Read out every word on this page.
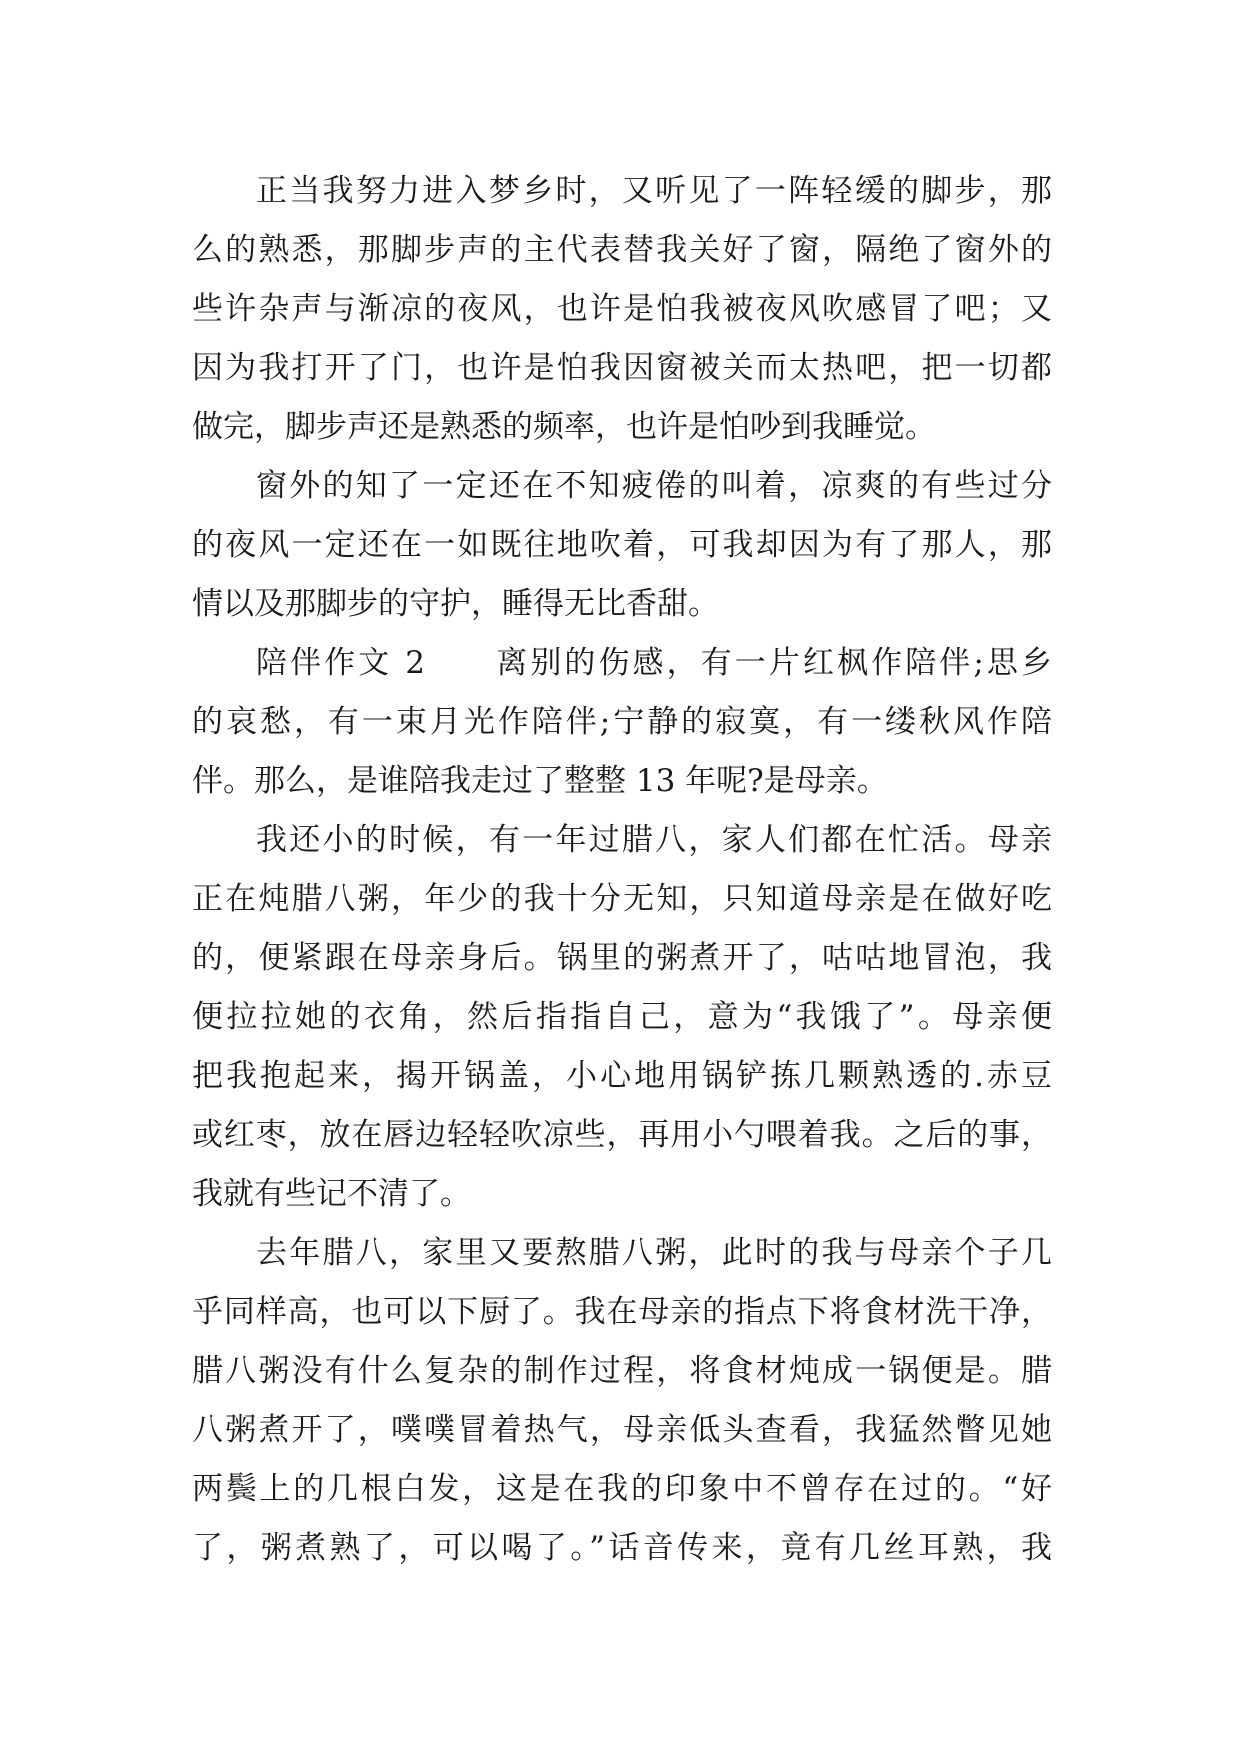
正当我努力进入梦乡时，又听见了一阵轻缓的脚步，那
么的熟悉，那脚步声的主代表替我关好了窗，隔绝了窗外的
些许杂声与渐凉的夜风，也许是怕我被夜风吹感冒了吧；又
因为我打开了门，也许是怕我因窗被关而太热吧，把一切都
做完，脚步声还是熟悉的频率，也许是怕吵到我睡觉。
窗外的知了一定还在不知疲倦的叫着，凉爽的有些过分
的夜风一定还在一如既往地吹着，可我却因为有了那人，那
情以及那脚步的守护，睡得无比香甜。
陪伴作文 2　　离别的伤感，有一片红枫作陪伴;思乡
的哀愁，有一束月光作陪伴;宁静的寂寞，有一缕秋风作陪
伴。那么，是谁陪我走过了整整 13 年呢?是母亲。
我还小的时候，有一年过腊八，家人们都在忙活。母亲
正在炖腊八粥，年少的我十分无知，只知道母亲是在做好吃
的，便紧跟在母亲身后。锅里的粥煮开了，咕咕地冒泡，我
便拉拉她的衣角，然后指指自己，意为“我饿了”。母亲便
把我抱起来，揭开锅盖，小心地用锅铲拣几颗熟透的.赤豆
或红枣，放在唇边轻轻吹凉些，再用小勺喂着我。之后的事，
我就有些记不清了。
去年腊八，家里又要熬腊八粥，此时的我与母亲个子几
乎同样高，也可以下厨了。我在母亲的指点下将食材洗干净，
腊八粥没有什么复杂的制作过程，将食材炖成一锅便是。腊
八粥煮开了，噗噗冒着热气，母亲低头查看，我猛然瞥见她
两鬓上的几根白发，这是在我的印象中不曾存在过的。“好
了，粥煮熟了，可以喝了。”话音传来，竟有几丝耳熟，我
